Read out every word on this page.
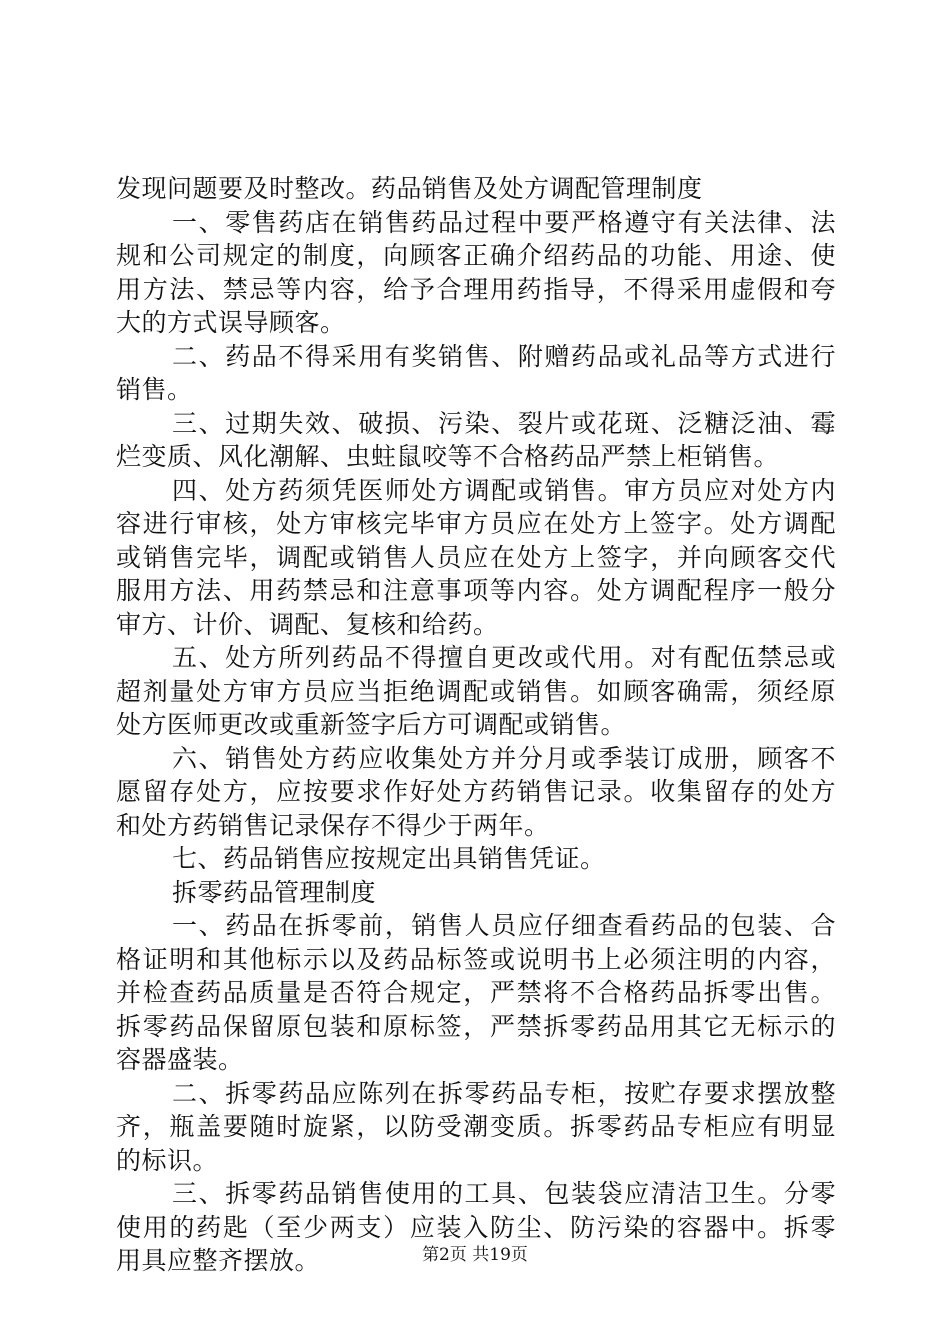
发现问题要及时整改。药品销售及处方调配管理制度
一、零售药店在销售药品过程中要严格遵守有关法律、法
规和公司规定的制度，向顾客正确介绍药品的功能、用途、使
用方法、禁忌等内容，给予合理用药指导，不得采用虚假和夸
大的方式误导顾客。
二、药品不得采用有奖销售、附赠药品或礼品等方式进行
销售。
三、过期失效、破损、污染、裂片或花斑、泛糖泛油、霉
烂变质、风化潮解、虫蛀鼠咬等不合格药品严禁上柜销售。
四、处方药须凭医师处方调配或销售。审方员应对处方内
容进行审核，处方审核完毕审方员应在处方上签字。处方调配
或销售完毕，调配或销售人员应在处方上签字，并向顾客交代
服用方法、用药禁忌和注意事项等内容。处方调配程序一般分
审方、计价、调配、复核和给药。
五、处方所列药品不得擅自更改或代用。对有配伍禁忌或
超剂量处方审方员应当拒绝调配或销售。如顾客确需，须经原
处方医师更改或重新签字后方可调配或销售。
六、销售处方药应收集处方并分月或季装订成册，顾客不
愿留存处方，应按要求作好处方药销售记录。收集留存的处方
和处方药销售记录保存不得少于两年。
七、药品销售应按规定出具销售凭证。
拆零药品管理制度
一、药品在拆零前，销售人员应仔细查看药品的包装、合
格证明和其他标示以及药品标签或说明书上必须注明的内容，
并检查药品质量是否符合规定，严禁将不合格药品拆零出售。
拆零药品保留原包装和原标签，严禁拆零药品用其它无标示的
容器盛装。
二、拆零药品应陈列在拆零药品专柜，按贮存要求摆放整
齐，瓶盖要随时旋紧，以防受潮变质。拆零药品专柜应有明显
的标识。
三、拆零药品销售使用的工具、包装袋应清洁卫生。分零
使用的药匙（至少两支）应装入防尘、防污染的容器中。拆零
用具应整齐摆放。	第2页 共19页
